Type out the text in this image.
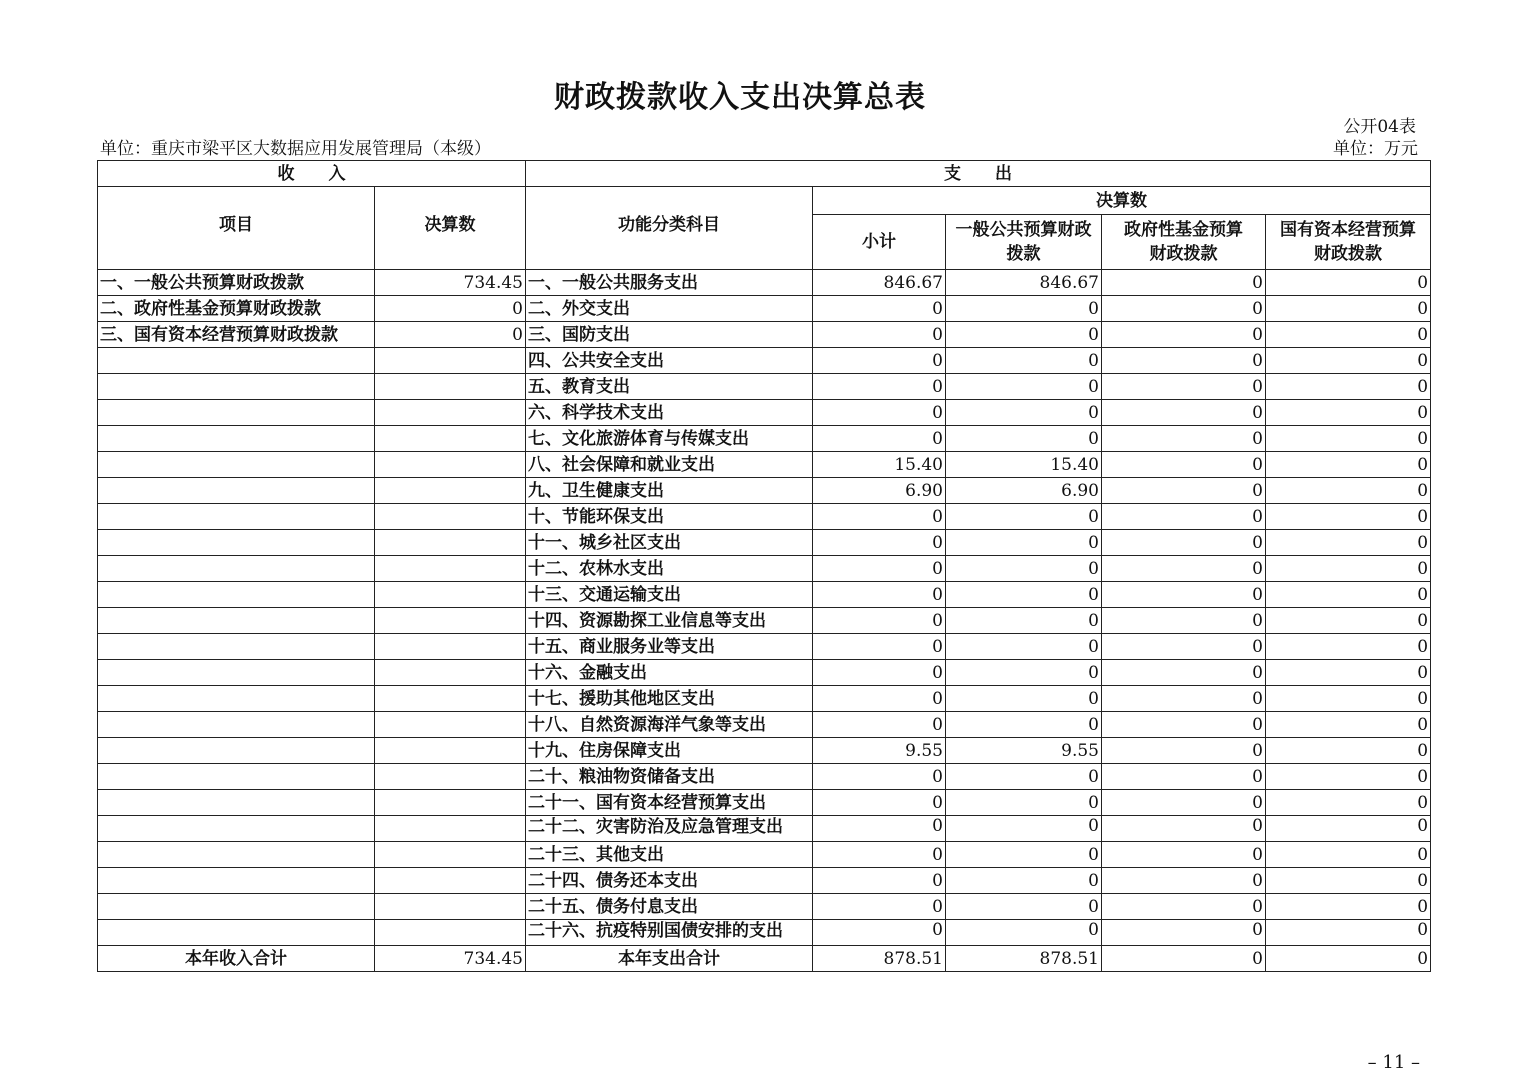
财政拨款收入支出决算总表
公开04表
单位：重庆市梁平区大数据应用发展管理局（本级）	单位：万元
收　　入		支　　出				
项目	决算数	功能分类科目	决算数			
			小计	一般公共预算财政拨款	政府性基金预算财政拨款	国有资本经营预算财政拨款
一、一般公共预算财政拨款	734.45	一、一般公共服务支出	846.67	846.67	0	0
二、政府性基金预算财政拨款	0	二、外交支出	0	0	0	0
三、国有资本经营预算财政拨款	0	三、国防支出	0	0	0	0
		四、公共安全支出	0	0	0	0
		五、教育支出	0	0	0	0
		六、科学技术支出	0	0	0	0
		七、文化旅游体育与传媒支出	0	0	0	0
		八、社会保障和就业支出	15.40	15.40	0	0
		九、卫生健康支出	6.90	6.90	0	0
		十、节能环保支出	0	0	0	0
		十一、城乡社区支出	0	0	0	0
		十二、农林水支出	0	0	0	0
		十三、交通运输支出	0	0	0	0
		十四、资源勘探工业信息等支出	0	0	0	0
		十五、商业服务业等支出	0	0	0	0
		十六、金融支出	0	0	0	0
		十七、援助其他地区支出	0	0	0	0
		十八、自然资源海洋气象等支出	0	0	0	0
		十九、住房保障支出	9.55	9.55	0	0
		二十、粮油物资储备支出	0	0	0	0
		二十一、国有资本经营预算支出	0	0	0	0
		二十二、灾害防治及应急管理支出	0	0	0	0
		二十三、其他支出	0	0	0	0
		二十四、债务还本支出	0	0	0	0
		二十五、债务付息支出	0	0	0	0
		二十六、抗疫特别国债安排的支出	0	0	0	0
本年收入合计	734.45	本年支出合计	878.51	878.51	0	0
– 11 –
